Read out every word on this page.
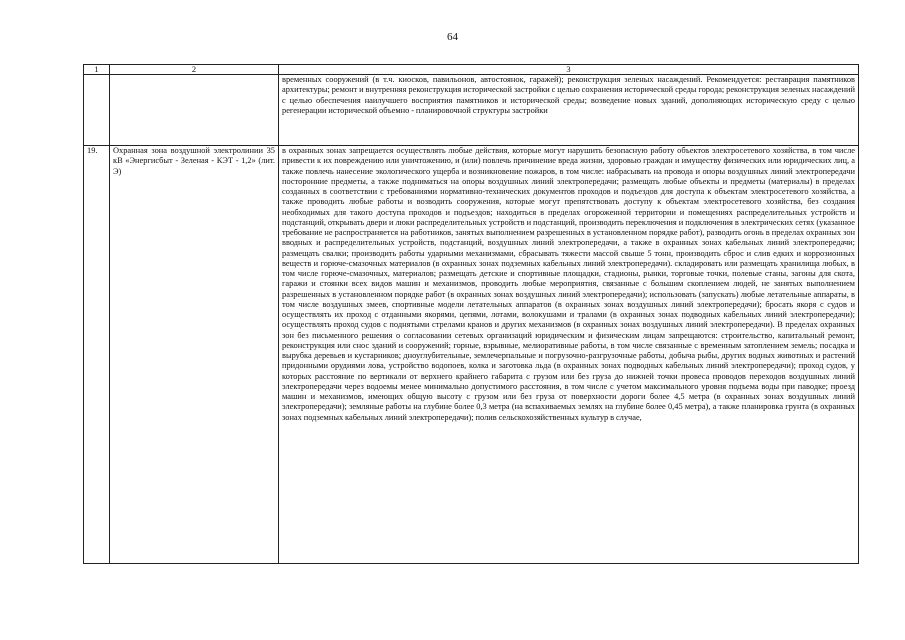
64
1	2	3
		временных сооружений (в т.ч. киосков, павильонов, автостоянок, гаражей); реконструкция зеленых насаждений. Рекомендуется: реставрация памятников архитектуры; ремонт и внутренняя реконструкция исторической застройки с целью сохранения исторической среды города; реконструкция зеленых насаждений с целью обеспечения наилучшего восприятия памятников и исторической среды; возведение новых зданий, дополняющих историческую среду с целью регенерации исторической объемно - планировочной структуры застройки
19.	Охранная зона воздушной электролинии 35 кВ «Энергисбыт - Зеленая - КЭТ - 1,2» (лит. Э)	в охранных зонах запрещается осуществлять любые действия, которые могут нарушить безопасную работу объектов электросетевого хозяйства, в том числе привести к их повреждению или уничтожению, и (или) повлечь причинение вреда жизни, здоровью граждан и имуществу физических или юридических лиц, а также повлечь нанесение экологического ущерба и возникновение пожаров, в том числе: набрасывать на провода и опоры воздушных линий электропередачи посторонние предметы, а также подниматься на опоры воздушных линий электропередачи; размещать любые объекты и предметы (материалы) в пределах созданных в соответствии с требованиями нормативно-технических документов проходов и подъездов для доступа к объектам электросетевого хозяйства, а также проводить любые работы и возводить сооружения, которые могут препятствовать доступу к объектам электросетевого хозяйства, без создания необходимых для такого доступа проходов и подъездов; находиться в пределах огороженной территории и помещениях распределительных устройств и подстанций, открывать двери и люки распределительных устройств и подстанций, производить переключения и подключения в электрических сетях (указанное требование не распространяется на работников, занятых выполнением разрешенных в установленном порядке работ), разводить огонь в пределах охранных зон вводных и распределительных устройств, подстанций, воздушных линий электропередачи, а также в охранных зонах кабельных линий электропередачи; размещать свалки; производить работы ударными механизмами, сбрасывать тяжести массой свыше 5 тонн, производить сброс и слив едких и коррозионных веществ и горюче-смазочных материалов (в охранных зонах подземных кабельных линий электропередачи). складировать или размещать хранилища любых, в том числе горюче-смазочных, материалов; размещать детские и спортивные площадки, стадионы, рынки, торговые точки, полевые станы, загоны для скота, гаражи и стоянки всех видов машин и механизмов, проводить любые мероприятия, связанные с большим скоплением людей, не занятых выполнением разрешенных в установленном порядке работ (в охранных зонах воздушных линий электропередачи); использовать (запускать) любые летательные аппараты, в том числе воздушных змеев, спортивные модели летательных аппаратов (в охранных зонах воздушных линий электропередачи); бросать якоря с судов и осуществлять их проход с отданными якорями, цепями, лотами, волокушами и тралами (в охранных зонах подводных кабельных линий электропередачи); осуществлять проход судов с поднятыми стрелами кранов и других механизмов (в охранных зонах воздушных линий электропередачи). В пределах охранных зон без письменного решения о согласовании сетевых организаций юридическим и физическим лицам запрещаются: строительство, капитальный ремонт, реконструкция или снос зданий и сооружений; горные, взрывные, мелиоративные работы, в том числе связанные с временным затоплением земель; посадка и вырубка деревьев и кустарников; дноуглубительные, землечерпальные и погрузочно-разгрузочные работы, добыча рыбы, других водных животных и растений придонными орудиями лова, устройство водопоев, колка и заготовка льда (в охранных зонах подводных кабельных линий электропередачи); проход судов, у которых расстояние по вертикали от верхнего крайнего габарита с грузом или без груза до нижней точки провеса проводов переходов воздушных линий электропередачи через водоемы менее минимально допустимого расстояния, в том числе с учетом максимального уровня подъема воды при паводке; проезд машин и механизмов, имеющих общую высоту с грузом или без груза от поверхности дороги более 4,5 метра (в охранных зонах воздушных линий электропередачи); земляные работы на глубине более 0,3 метра (на вспахиваемых землях на глубине более 0,45 метра), а также планировка грунта (в охранных зонах подземных кабельных линий электропередачи); полив сельскохозяйственных культур в случае,
